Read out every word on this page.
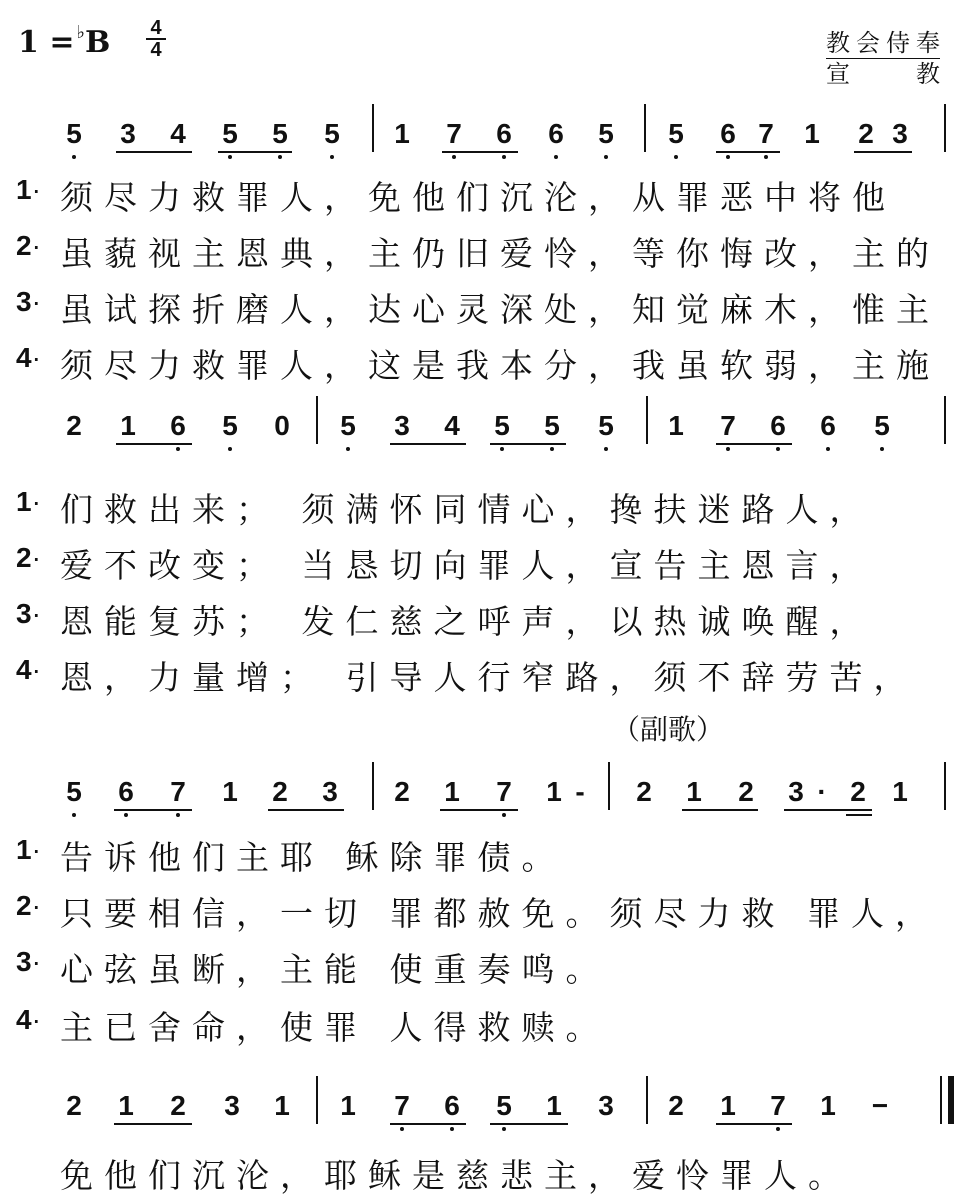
1 = ♭B 4
4	教会侍奉
宣 教
（副歌）
5 3 4 5 5 5 1 7 6 6 5 5 6 7 1 2 3
1· 须尽力救罪人，免他们沉沦，从罪恶中将他
2· 虽藐视主恩典，主仍旧爱怜，等你悔改，主的
3· 虽试探折磨人，达心灵深处，知觉麻木，惟主
4· 须尽力救罪人，这是我本分，我虽软弱，主施
2 1 6 5 0 5 3 4 5 5 5 1 7 6 6 5
1· 们救出来； 须满怀同情心，搀扶迷路人，
2· 爱不改变； 当恳切向罪人，宣告主恩言，
3· 恩能复苏； 发仁慈之呼声，以热诚唤醒，
4· 恩，力量增； 引导人行窄路，须不辞劳苦，
5 6 7 1 2 3 2 1 7 1 - 2 1 2 3 · 2 1
1· 告诉他们主耶 稣除罪债。
2· 只要相信，一切 罪都赦免。须尽力救 罪人，
3· 心弦虽断，主能 使重奏鸣。
4· 主已舍命，使罪 人得救赎。
2 1 2 3 1 1 7 6 5 1 3 2 1 7 1 −
免他们沉沦，耶稣是慈悲主，爱怜罪人。
